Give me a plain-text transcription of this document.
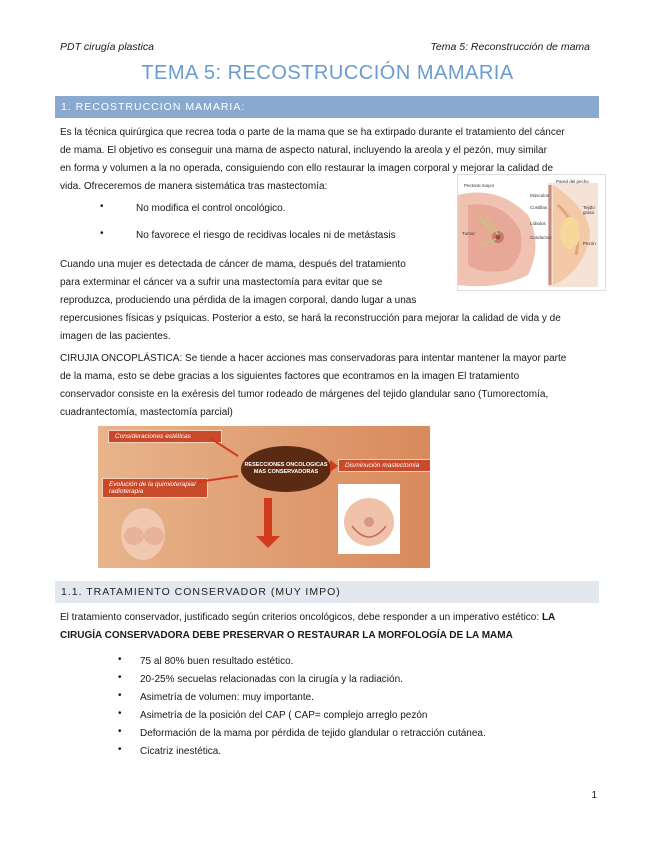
PDT cirugía plastica	Tema 5: Reconstrucción de mama
TEMA 5: RECOSTRUCCIÓN MAMARIA
1. RECOSTRUCCION MAMARIA:
Es la técnica quirúrgica que recrea toda o parte de la mama que se ha extirpado durante el tratamiento del cáncer
de mama. El objetivo es conseguir una mama de aspecto natural, incluyendo la areola y el pezón, muy similar
en forma y volumen a la no operada, consiguiendo con ello restaurar la imagen corporal y mejorar la calidad de
vida. Ofreceremos de manera sistemática tras mastectomía:
•	No modifica el control oncológico.
•	No favorece el riesgo de recidivas locales ni de metástasis
Pectoral mayor
Pared del pecho
Músculos
Costillas	Tejido graso
Lóbulos
Conductos
Pezón
Tumor
Cuando una mujer es detectada de cáncer de mama, después del tratamiento
para exterminar el cáncer va a sufrir una mastectomía para evitar que se
reproduzca, produciendo una pérdida de la imagen corporal, dando lugar a unas
repercusiones físicas y psíquicas. Posterior a esto, se hará la reconstrucción para mejorar la calidad de vida y de
imagen de las pacientes.
CIRUJIA ONCOPLÁSTICA: Se tiende a hacer acciones mas conservadoras para intentar mantener la mayor parte
de la mama, esto se debe gracias a los siguientes factores que econtramos en la imagen El tratamiento
conservador consiste en la exéresis del tumor rodeado de márgenes del tejido glandular sano (Tumorectomía,
cuadrantectomía, mastectomía parcial)
Consideraciones estéticas
Evolución de la quimioterapia/ radioterapia
RESECCIONES ONCOLOGICAS MAS CONSERVADORAS
Disminución mastectomía
1.1. TRATAMIENTO CONSERVADOR (MUY IMPO)
El tratamiento conservador, justificado según criterios oncológicos, debe responder a un imperativo estético: LA
CIRUGÍA CONSERVADORA DEBE PRESERVAR O RESTAURAR LA MORFOLOGÍA DE LA MAMA
• 75 al 80% buen resultado estético.
• 20-25% secuelas relacionadas con la cirugía y la radiación.
• Asimetría de volumen: muy importante.
• Asimetría de la posición del CAP ( CAP= complejo arreglo pezón
• Deformación de la mama por pérdida de tejido glandular o retracción cutánea.
• Cicatriz inestética.
1
